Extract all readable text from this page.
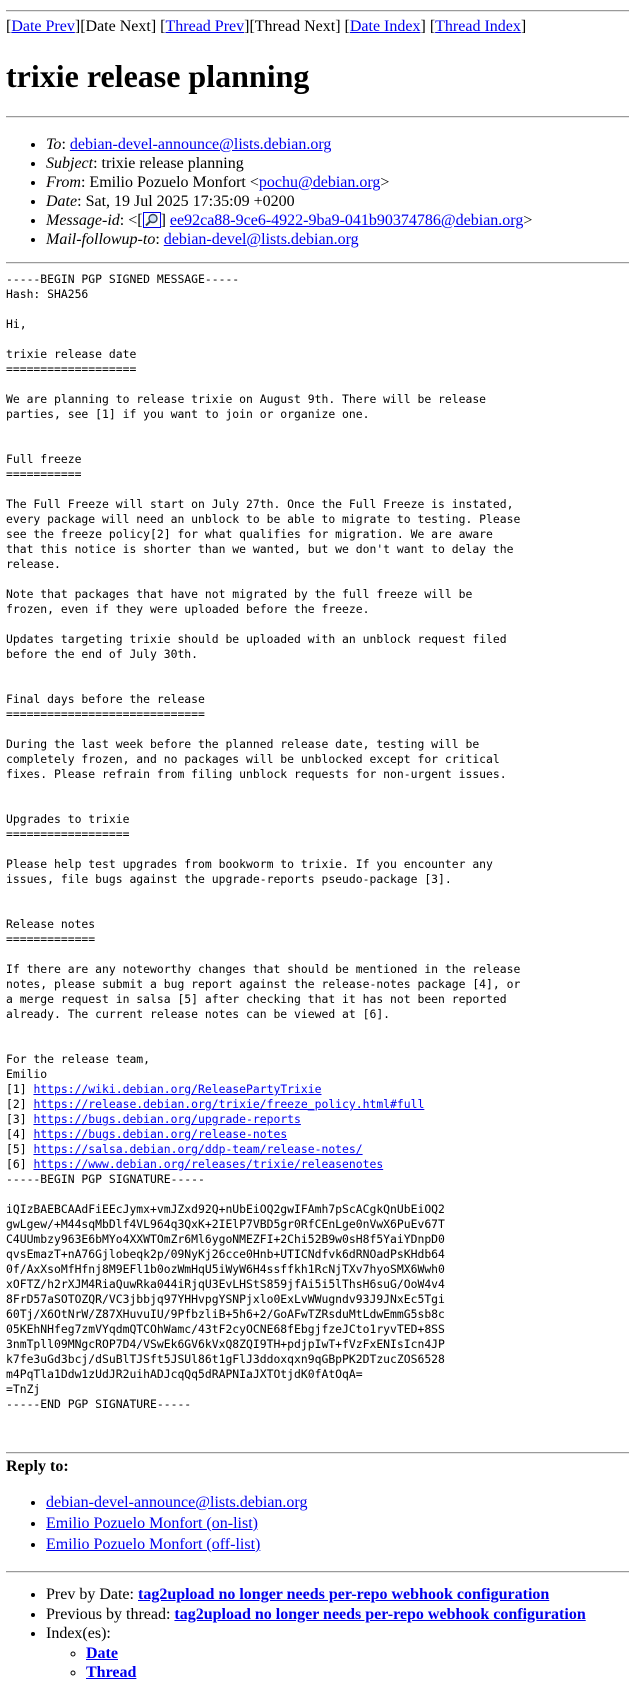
[Date Prev][Date Next] [Thread Prev][Thread Next] [Date Index] [Thread Index]
trixie release planning
• To: debian-devel-announce@lists.debian.org
• Subject: trixie release planning
• From: Emilio Pozuelo Monfort <pochu@debian.org>
• Date: Sat, 19 Jul 2025 17:35:09 +0200
• Message-id: <[ ] ee92ca88-9ce6-4922-9ba9-041b90374786@debian.org>
• Mail-followup-to: debian-devel@lists.debian.org
-----BEGIN PGP SIGNED MESSAGE-----
Hash: SHA256

Hi,

trixie release date
===================

We are planning to release trixie on August 9th. There will be release
parties, see [1] if you want to join or organize one.

Full freeze
===========

The Full Freeze will start on July 27th. Once the Full Freeze is instated,
every package will need an unblock to be able to migrate to testing. Please
see the freeze policy[2] for what qualifies for migration. We are aware
that this notice is shorter than we wanted, but we don't want to delay the
release.

Note that packages that have not migrated by the full freeze will be
frozen, even if they were uploaded before the freeze.

Updates targeting trixie should be uploaded with an unblock request filed
before the end of July 30th.

Final days before the release
=============================

During the last week before the planned release date, testing will be
completely frozen, and no packages will be unblocked except for critical
fixes. Please refrain from filing unblock requests for non-urgent issues.

Upgrades to trixie
==================

Please help test upgrades from bookworm to trixie. If you encounter any
issues, file bugs against the upgrade-reports pseudo-package [3].

Release notes
=============

If there are any noteworthy changes that should be mentioned in the release
notes, please submit a bug report against the release-notes package [4], or
a merge request in salsa [5] after checking that it has not been reported
already. The current release notes can be viewed at [6].

For the release team,
Emilio
[1] https://wiki.debian.org/ReleasePartyTrixie
[2] https://release.debian.org/trixie/freeze_policy.html#full
[3] https://bugs.debian.org/upgrade-reports
[4] https://bugs.debian.org/release-notes
[5] https://salsa.debian.org/ddp-team/release-notes/
[6] https://www.debian.org/releases/trixie/releasenotes
-----BEGIN PGP SIGNATURE-----

iQIzBAEBCAAdFiEEcJymx+vmJZxd92Q+nUbEiOQ2gwIFAmh7pScACgkQnUbEiOQ2
gwLgew/+M44sqMbDlf4VL964q3QxK+2IElP7VBD5gr0RfCEnLge0nVwX6PuEv67T
C4UUmbzy963E6bMYo4XXWTOmZr6Ml6ygoNMEZFI+2Chi52B9w0sH8f5YaiYDnpD0
qvsEmazT+nA76Gjlobeqk2p/09NyKj26cce0Hnb+UTICNdfvk6dRNOadPsKHdb64
0f/AxXsoMfHfnj8M9EFl1b0ozWmHqU5iWyW6H4ssffkh1RcNjTXv7hyoSMX6Wwh0
xOFTZ/h2rXJM4RiaQuwRka044iRjqU3EvLHStS859jfAi5i5lThsH6suG/OoW4v4
8FrD57aSOTOZQR/VC3jbbjq97YHHvpgYSNPjxlo0ExLvWWugndv93J9JNxEc5Tgi
60Tj/X6OtNrW/Z87XHuvuIU/9PfbzliB+5h6+2/GoAFwTZRsduMtLdwEmmG5sb8c
05KEhNHfeg7zmVYqdmQTCOhWamc/43tF2cyOCNE68fEbgjfzeJCto1ryvTED+8SS
3nmTpll09MNgcROP7D4/VSwEk6GV6kVxQ8ZQI9TH+pdjpIwT+fVzFxENIsIcn4JP
k7fe3uGd3bcj/dSuBlTJSft5JSUl86t1gFlJ3ddoxqxn9qGBpPK2DTzucZOS6528
m4PqTla1Ddw1zUdJR2uihADJcqQq5dRAPNIaJXTOtjdK0fAtOqA=
=TnZj
-----END PGP SIGNATURE-----
Reply to:
• debian-devel-announce@lists.debian.org
• Emilio Pozuelo Monfort (on-list)
• Emilio Pozuelo Monfort (off-list)
• Prev by Date: tag2upload no longer needs per-repo webhook configuration
• Previous by thread: tag2upload no longer needs per-repo webhook configuration
• Index(es):
◦ Date
◦ Thread
